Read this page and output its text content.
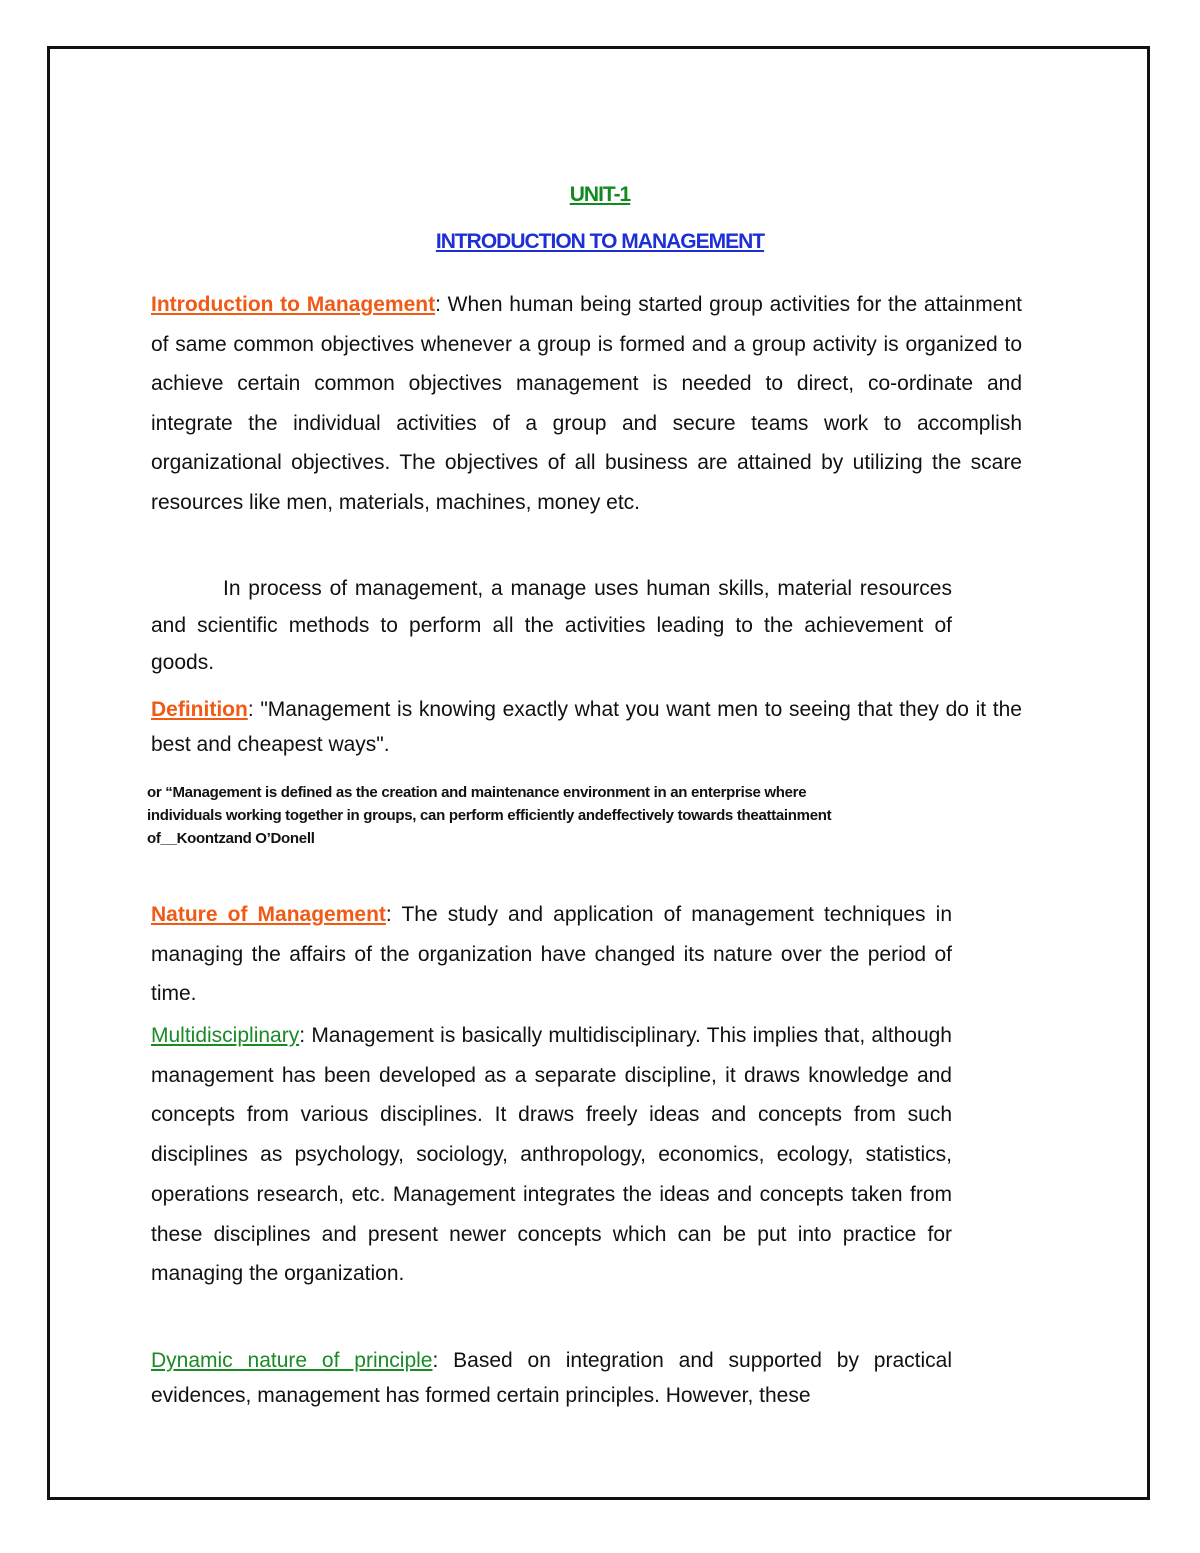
UNIT-1
INTRODUCTION TO MANAGEMENT

Introduction to Management: When human being started group activities for the attainment of same common objectives whenever a group is formed and a group activity is organized to achieve certain common objectives management is needed to direct, co-ordinate and integrate the individual activities of a group and secure teams work to accomplish organizational objectives. The objectives of all business are attained by utilizing the scare resources like men, materials, machines, money etc.

In process of management, a manage uses human skills, material resources and scientific methods to perform all the activities leading to the achievement of goods.

Definition: "Management is knowing exactly what you want men to seeing that they do it the best and cheapest ways".

or “Management is defined as the creation and maintenance environment in an enterprise where
individuals working together in groups, can perform efficiently andeffectively towards theattainment
of__Koontzand O’Donell

Nature of Management: The study and application of management techniques in managing the affairs of the organization have changed its nature over the period of time.

Multidisciplinary: Management is basically multidisciplinary. This implies that, although management has been developed as a separate discipline, it draws knowledge and concepts from various disciplines. It draws freely ideas and concepts from such disciplines as psychology, sociology, anthropology, economics, ecology, statistics, operations research, etc. Management integrates the ideas and concepts taken from these disciplines and present newer concepts which can be put into practice for managing the organization.

Dynamic nature of principle: Based on integration and supported by practical evidences, management has formed certain principles. However, these
